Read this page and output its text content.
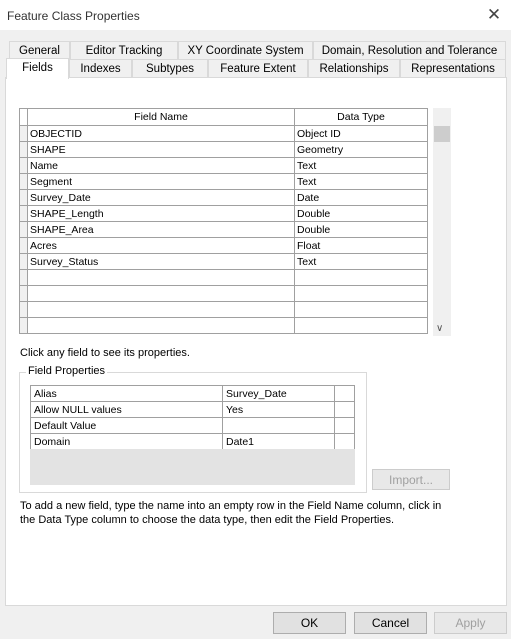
Feature Class Properties	✕
General	Editor Tracking	XY Coordinate System	Domain, Resolution and Tolerance
Fields	Indexes	Subtypes	Feature Extent	Relationships	Representations
	Field Name	Data Type
	OBJECTID	Object ID
	SHAPE	Geometry
	Name	Text
	Segment	Text
	Survey_Date	Date
	SHAPE_Length	Double
	SHAPE_Area	Double
	Acres	Float
	Survey_Status	Text

∨
Click any field to see its properties.
Field Properties
Alias	Survey_Date	
Allow NULL values	Yes	
Default Value		
Domain	Date1	
Import...
To add a new field, type the name into an empty row in the Field Name column, click in the Data Type column to choose the data type, then edit the Field Properties.
OK	Cancel	Apply
